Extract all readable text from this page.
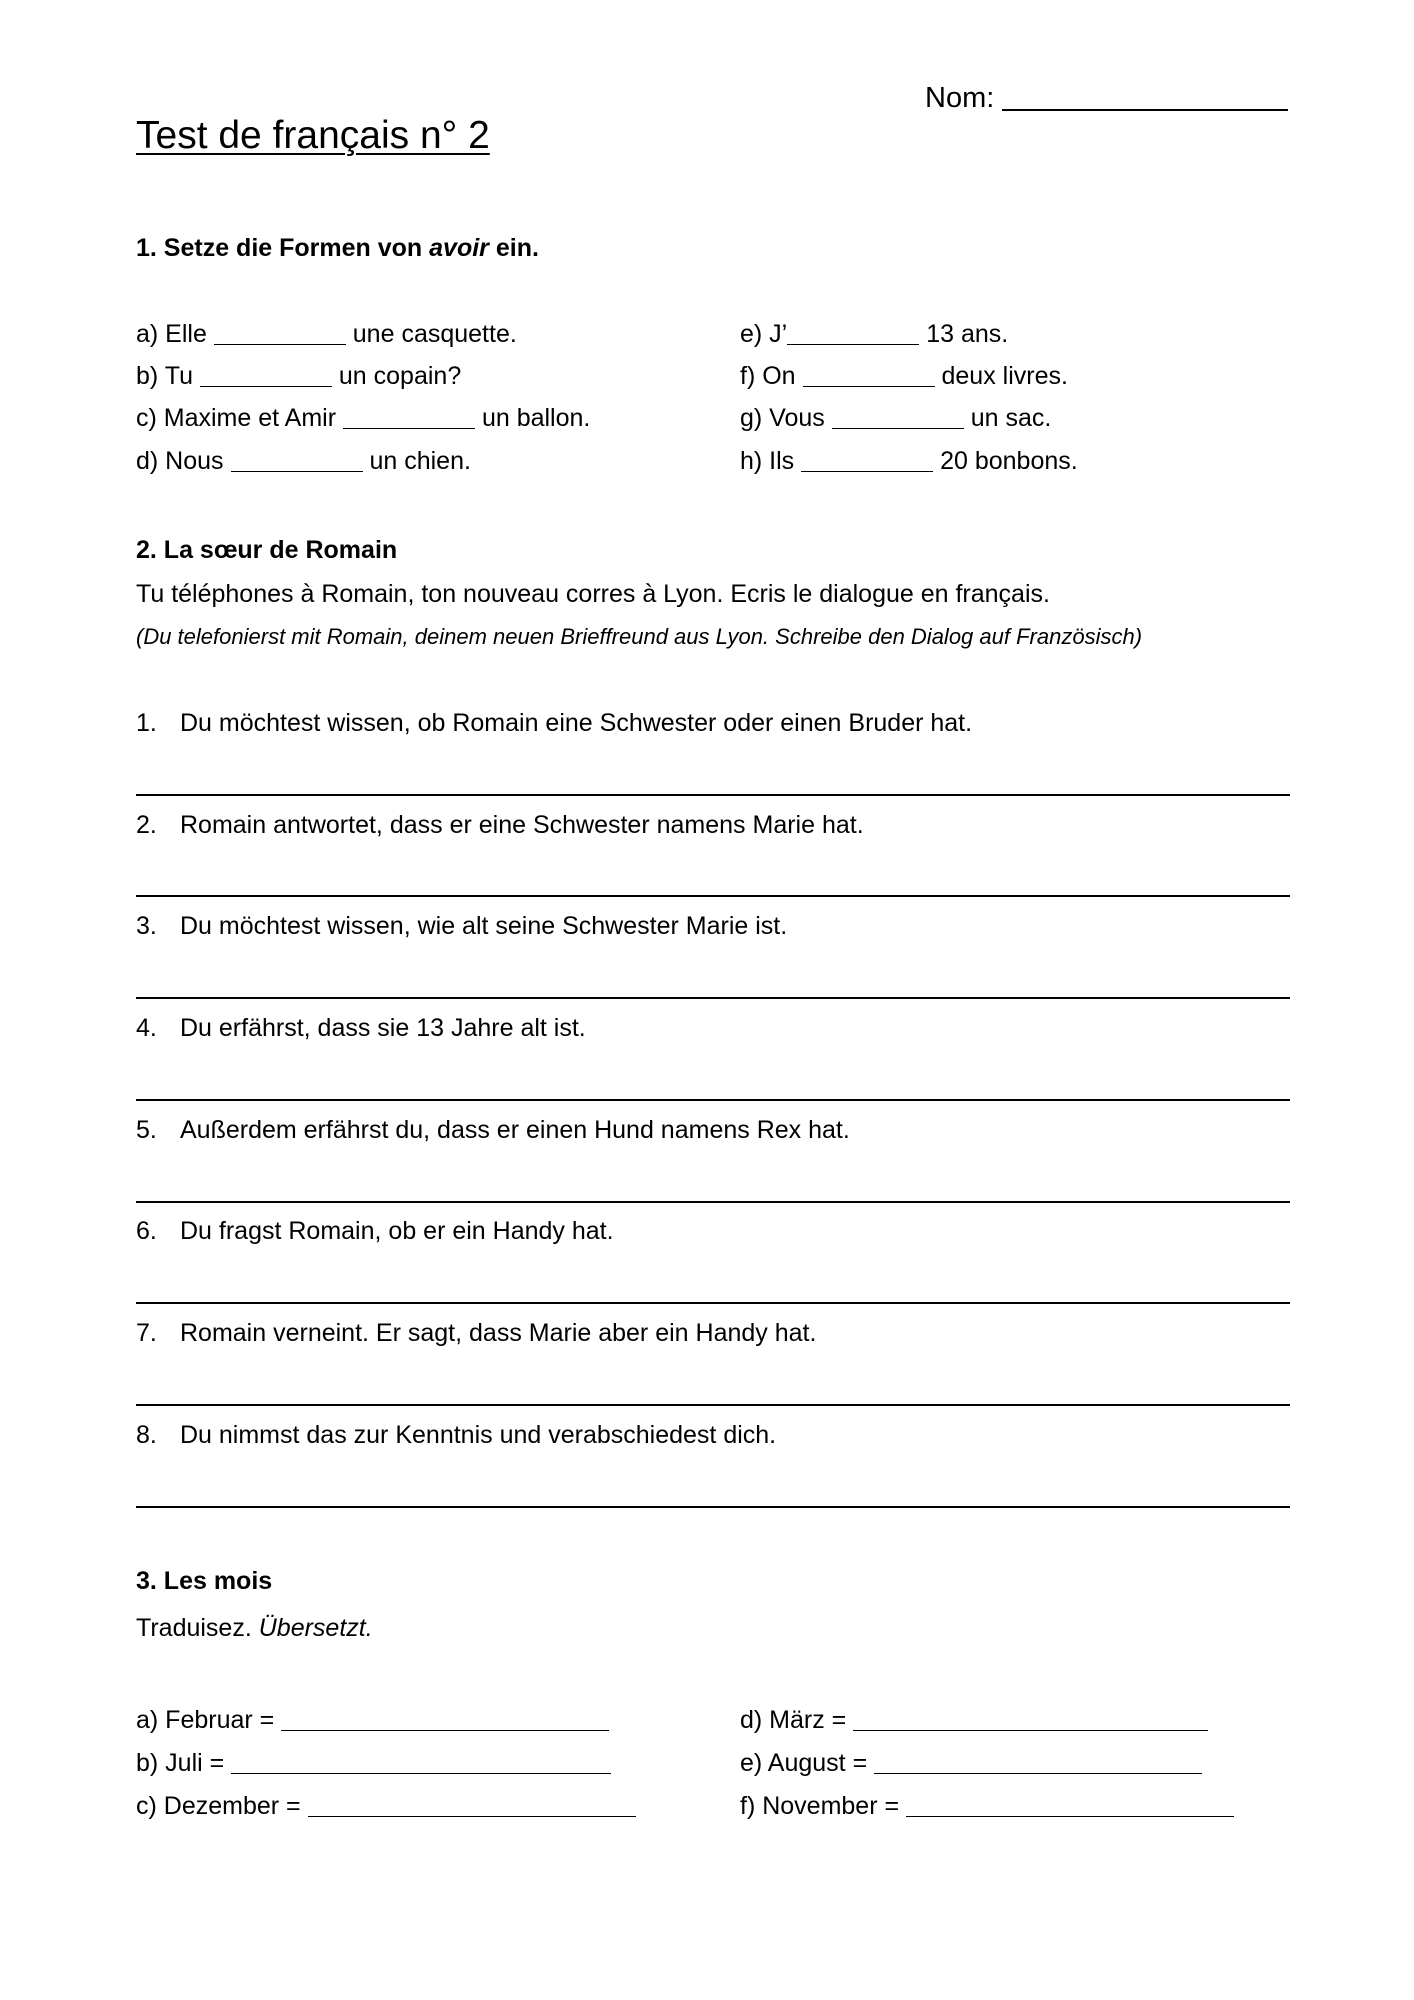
Nom:
Test de français n° 2
1. Setze die Formen von avoir ein.
a) Elle	une casquette.
b) Tu	un copain?
c) Maxime et Amir	un ballon.
d) Nous	un chien.
e) J’	13 ans.
f) On	deux livres.
g) Vous	un sac.
h) Ils	20 bonbons.
2. La sœur de Romain
Tu téléphones à Romain, ton nouveau corres à Lyon. Ecris le dialogue en français.
(Du telefonierst mit Romain, deinem neuen Brieffreund aus Lyon. Schreibe den Dialog auf Französisch)
1. Du möchtest wissen, ob Romain eine Schwester oder einen Bruder hat.
2. Romain antwortet, dass er eine Schwester namens Marie hat.
3. Du möchtest wissen, wie alt seine Schwester Marie ist.
4. Du erfährst, dass sie 13 Jahre alt ist.
5. Außerdem erfährst du, dass er einen Hund namens Rex hat.
6. Du fragst Romain, ob er ein Handy hat.
7. Romain verneint. Er sagt, dass Marie aber ein Handy hat.
8. Du nimmst das zur Kenntnis und verabschiedest dich.
3. Les mois
Traduisez. Übersetzt.
a) Februar =
b) Juli =
c) Dezember =
d) März =
e) August =
f) November =
